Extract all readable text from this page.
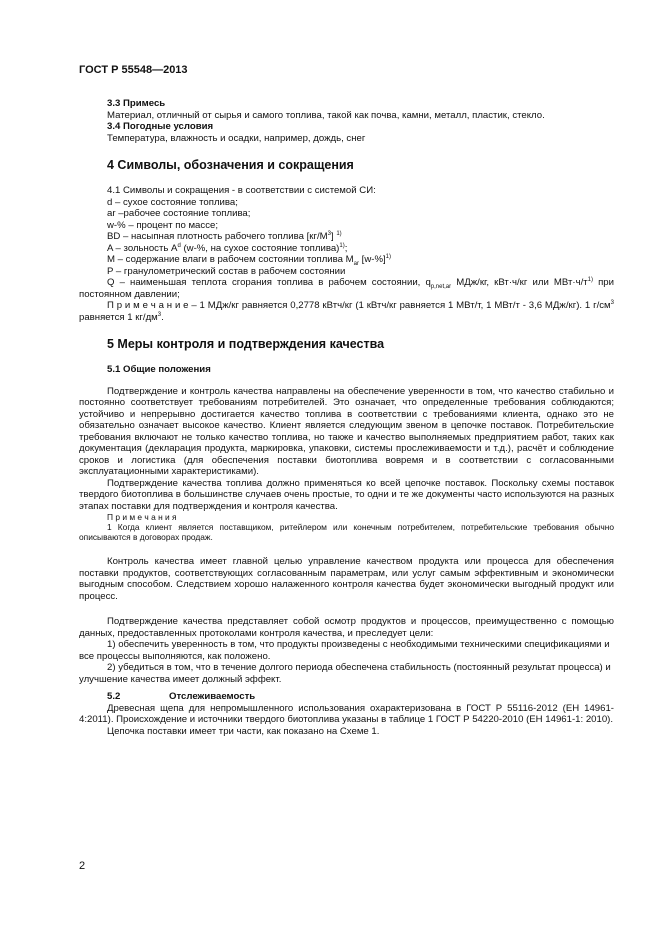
ГОСТ Р 55548—2013

3.3 Примесь

Материал, отличный от сырья и самого топлива, такой как почва, камни, металл, пластик, стекло.

3.4 Погодные условия

Температура, влажность и осадки, например, дождь, снег

4 Символы, обозначения и сокращения

4.1 Символы и сокращения - в соответствии с системой СИ:

d – сухое состояние топлива;

ar –рабочее состояние топлива;

w-% – процент по массе;

BD – насыпная плотность рабочего топлива $[кг/М^3]$ $^{1)}$

A – зольность $A^d$ (w-%, на сухое состояние топлива)$^{1)}$;

M – содержание влаги в рабочем состоянии топлива $M_{ar}$ $[w-\%]^{1)}$

P – гранулометрический состав в рабочем состоянии

Q – наименьшая теплота сгорания топлива в рабочем состоянии, $q_{p,net,ar}$ МДж/кг, кВт·ч/кг или $МВт\cdot ч/т^{1)}$ при постоянном давлении;

П р и м е ч а н и е – 1 МДж/кг равняется 0,2778 кВтч/кг (1 кВтч/кг равняется 1 МВт/т, 1 МВт/т - 3,6 МДж/кг). 1 $г/см^3$ равняется 1 $кг/дм^3$.

5 Меры контроля и подтверждения качества

5.1 Общие положения

Подтверждение и контроль качества направлены на обеспечение уверенности в том, что качество стабильно и постоянно соответствует требованиям потребителей. Это означает, что определенные требования соблюдаются; устойчиво и непрерывно достигается качество топлива в соответствии с требованиями клиента, однако это не обязательно означает высокое качество. Клиент является следующим звеном в цепочке поставок. Потребительские требования включают не только качество топлива, но также и качество выполняемых предприятием работ, таких как документация (декларация продукта, маркировка, упаковки, системы прослеживаемости и т.д.), расчёт и соблюдение сроков и логистика (для обеспечения поставки биотоплива вовремя и в соответствии с согласованными эксплуатационными характеристиками).

Подтверждение качества топлива должно применяться ко всей цепочке поставок. Поскольку схемы поставок твердого биотоплива в большинстве случаев очень простые, то одни и те же документы часто используются на разных этапах поставки для подтверждения и контроля качества.

П р и м е ч а н и я

1 Когда клиент является поставщиком, ритейлером или конечным потребителем, потребительские требования обычно описываются в договорах продаж.

Контроль качества имеет главной целью управление качеством продукта или процесса для обеспечения поставки продуктов, соответствующих согласованным параметрам, или услуг самым эффективным и экономически выгодным способом. Следствием хорошо налаженного контроля качества будет экономически выгодный продукт или процесс.

Подтверждение качества представляет собой осмотр продуктов и процессов, преимущественно с помощью данных, предоставленных протоколами контроля качества, и преследует цели:

1) обеспечить уверенность в том, что продукты произведены с необходимыми техническими спецификациями и все процессы выполняются, как положено.

2) убедиться в том, что в течение долгого периода обеспечена стабильность (постоянный результат процесса) и улучшение качества имеет должный эффект.

5.2	Отслеживаемость

Древесная щепа для непромышленного использования охарактеризована в ГОСТ Р 55116-2012 (ЕН 14961-4:2011). Происхождение и источники твердого биотоплива указаны в таблице 1 ГОСТ Р 54220-2010 (ЕН 14961-1: 2010).

Цепочка поставки имеет три части, как показано на Схеме 1.

2
